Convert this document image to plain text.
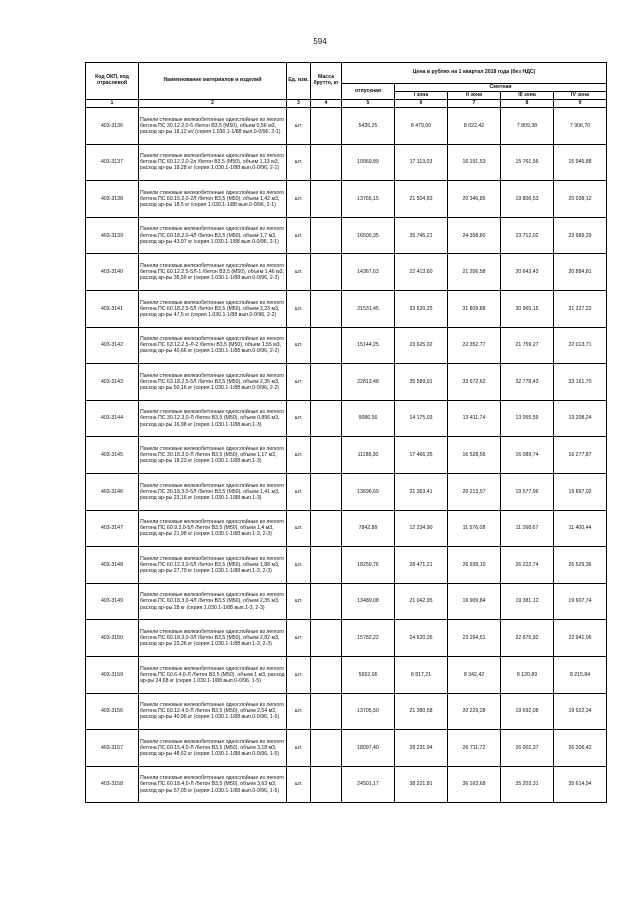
594
Код ОКП, код отраслевой	Наименование материалов и изделий	Ед. изм.	Масса брутто, кг	Цена в рублях на 1 квартал 2018 года (без НДС)				
				отпускная	Сметная			
					I зона	II зона	III зона	IV зона
1	2	3	4	5	6	7	8	9
403-3136	Панели стеновые железобетонные однослойные из легкого бетона ПС 30.12.2,0-5 /бетон В3,5 (М50), объем 0,56 м3, расход ар-ры 18,12 кг/ (серия 1.030.1-1/88 вып.0-0/96, 2-1)	шт.		5435,25	8 479,00	8 022,42	7 809,38	7 906,70
403-3137	Панели стеновые железобетонные однослойные из легкого бетона ПС 60.12.2,0-2л /бетон В3,5 (М50), объем 1,13 м3, расход ар-ры 18,28 кг (серия 1.030.1-1/88 вып.0-0/96, 2-1)	шт.		10969,89	17 113,03	16 191,53	15 761,56	15 945,88
403-3138	Панели стеновые железобетонные однослойные из легкого бетона ПС 60.15.2,0-2Л /бетон В3,5 (М50), объем 1,42 м3, расход ар-ры 18,5 кг /серия 1.030.1-1/88 вып.0-0/96, 2-1)	шт.		13765,15	21 504,83	20 346,85	19 806,53	20 038,12
403-3139	Панели стеновые железобетонные однослойные из легкого бетона ПС 60.18.2,0-4Л /бетон В3,5 (М50), объем 1,7 м3, расход ар-ры 43,97 кг /серия 1.030.1-1/88 вып.0-0/96, 2-1)	шт.		16500,35	25 745,21	24 358,80	23 712,02	23 989,29
403-3140	Панели стеновые железобетонные однослойные из легкого бетона ПС 60.12.2,5-5Л-1 /бетон В3,5 (М50), объем 1,46 м3, расход ар-ры 36,56 кг (серия 1.030.1-1/88 вып.0-0/96, 2-2)	шт.		14367,63	22 413,60	21 206,58	20 643,43	20 884,81
403-3141	Панели стеновые железобетонные однослойные из легкого бетона ПС 60.18.2,5-5Л /бетон В3,5 (М50), объем 2,23 м3, расход ар-ры 47,5 кг (серия 1.030.1-1/88 вып.0-0/96, 2-2)	шт.		21531,45	33 620,25	31 809,88	30 965,15	31 327,22
403-3142	Панели стеновые железобетонные однослойные из легкого бетона ПС 63.12.2,5-Л-2 /бетон В3,5 (М50), объем 1,55 м3, расход ар-ры 40,66 кг (серия 1.030.1-1/88 вып.0-0/96, 2-2)	шт.		15144,25	23 625,02	22 352,77	21 759,27	22 013,71
403-3143	Панели стеновые железобетонные однослойные из легкого бетона ПС 63.18.2,5-5Л /бетон В3,5 (М50), объем 2,35 м3, расход ар-ры 50,16 кг (серия 1.030.1-1/88 вып.0-0/96, 2-2)	шт.		22813,48	35 589,01	33 672,62	32 778,43	33 161,70
403-3144	Панели стеновые железобетонные однослойные из легкого бетона ПС 30.12.3,0-Л /бетон В3,5 (М50), объем 0,896 м3, расход ар-ры 16,98 кг (серия 1.030.1-1/88 вып.1-3)	шт.		9086,56	14 175,03	13 411,74	13 055,59	13 208,24
403-3145	Панели стеновые железобетонные однослойные из легкого бетона ПС 30.18.3,0-Л /бетон В3,5 (М50), объем 1,17 м3, расход ар-ры 18,23 кг (серия 1.030.1-1/88 вып.1-3)	шт.		11188,30	17 466,35	16 528,56	16 089,74	16 277,87
403-3146	Панели стеновые железобетонные однослойные из легкого бетона ПС 30.18.3,0-5Л /бетон В3,5 (М50), объем 1,41 м3, расход ар-ры 23,16 кг (серия 1.030.1-1/88 вып.1-3)	шт.		13696,69	21 363,41	20 213,57	19 677,96	19 897,02
403-3147	Панели стеновые железобетонные однослойные из легкого бетона ПС 60.9.3,0-5Л /бетон В3,5 (М50), объем 1,4 м3, расход ар-ры 21,98 кг (серия 1.030.1-1/88 вып.1-3, 2-3)	шт.		7842,89	12 234,90	11 576,08	11 268,67	11 400,44
403-3148	Панели стеновые железобетонные однослойные из легкого бетона ПС 60.12.3,0-5Л /бетон В3,5 (М50), объем 1,88 м3, расход ар-ры 27,79 кг (серия 1.030.1-1/88 вып.1-3, 2-3)	шт.		18250,76	28 471,21	26 938,10	26 222,74	26 529,36
403-3149	Панели стеновые железобетонные однослойные из легкого бетона ПС 60.18.3,0-4Л /бетон В3,5 (М50), объем 2,35 м3, расход ар-ры 28 кг (серия 1.030.1-1/88 вып.1-3, 2-3)	шт.		13489,08	21 042,95	19 909,84	19 381,12	19 607,74
403-3150	Панели стеновые железобетонные однослойные из легкого бетона ПС 60.18.3,0-3Л /бетон В3,5 (М50), объем 2,82 м3, расход ар-ры 23,26 кг (серия 1.030.1-1/88 вып.1-3, 2-3)	шт.		15782,22	24 620,26	23 294,51	22 675,92	22 941,06
403-3159	Панели стеновые железобетонные однослойные из легкого бетона ПС 60.6.4,0-Л /бетон В3,5 (М50), объем 1 м3, расход ар-ры 24,68 кг (серия 1.030.1-1/88 вып.0-0/96, 1-5)	шт.		5652,06	8 817,21	8 342,42	8 120,89	8 215,84
403-3156	Панели стеновые железобетонные однослойные из легкого бетона ПС 60.12.4,0-Л /бетон В3,5 (М50), объем 2,54 м3, расход ар-ры 40,96 кг (серия 1.030.1-1/88 вып.0-0/96, 1-5)	шт.		13705,50	21 380,58	20 229,28	19 692,08	19 922,34
403-3157	Панели стеновые железобетонные однослойные из легкого бетона ПС 60.15.4,0-Л /бетон В3,5 (М50), объем 3,18 м3, расход ар-ры 48,62 кг (серия 1.030.1-1/88 вып.0-0/96, 1-5)	шт.		18097,40	28 231,94	26 711,72	26 002,37	26 306,42
403-3158	Панели стеновые железобетонные однослойные из легкого бетона ПС 60.18.4,0-Л /бетон В3,5 (М50), объем 3,63 м3, расход ар-ры 57,05 кг (серия 1.030.1-1/88 вып.0-0/96, 1-5)	шт.		24501,17	38 221,81	36 163,68	35 203,31	35 614,94
